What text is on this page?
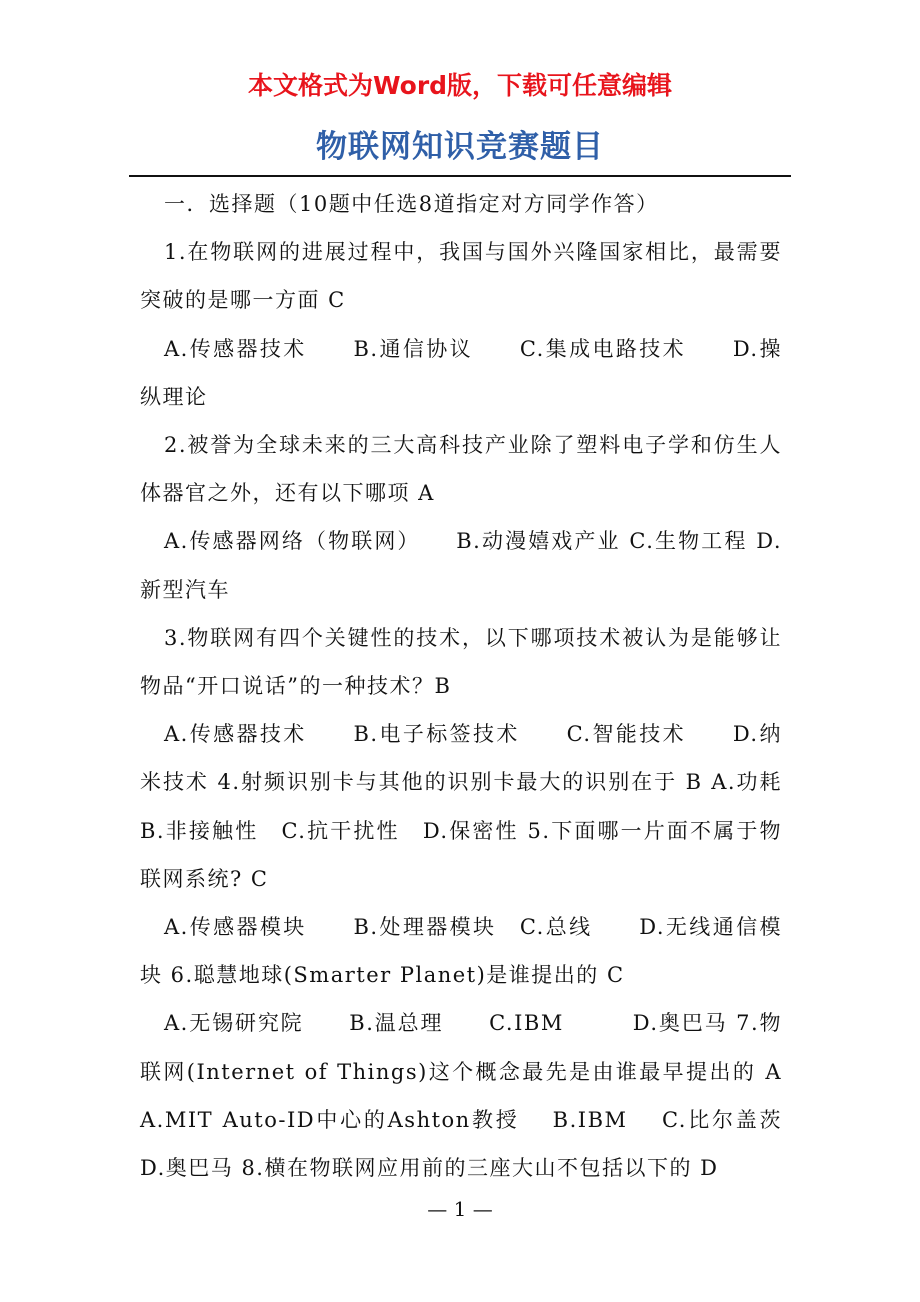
本文格式为Word版，下载可任意编辑

物联网知识竞赛题目

一．选择题（10题中任选8道指定对方同学作答）

1.在物联网的进展过程中，我国与国外兴隆国家相比，最需要突破的是哪一方面 C

A.传感器技术　　B.通信协议　　C.集成电路技术　　D.操纵理论

2.被誉为全球未来的三大高科技产业除了塑料电子学和仿生人体器官之外，还有以下哪项 A

A.传感器网络（物联网）　　B.动漫嬉戏产业 C.生物工程 D.新型汽车

3.物联网有四个关键性的技术，以下哪项技术被认为是能够让物品“开口说话”的一种技术？B

A.传感器技术　　B.电子标签技术　　C.智能技术　　D.纳米技术 4.射频识别卡与其他的识别卡最大的识别在于 B A.功耗　 B.非接触性　C.抗干扰性　D.保密性 5.下面哪一片面不属于物联网系统? C

A.传感器模块　　B.处理器模块　C.总线　　D.无线通信模块 6.聪慧地球(Smarter Planet)是谁提出的 C

A.无锡研究院　　B.温总理　　C.IBM　　　D.奥巴马 7.物联网(Internet of Things)这个概念最先是由谁最早提出的 A A.MIT Auto-ID中心的Ashton教授　 B.IBM　 C.比尔盖茨 D.奥巴马 8.横在物联网应用前的三座大山不包括以下的 D

— 1 —
